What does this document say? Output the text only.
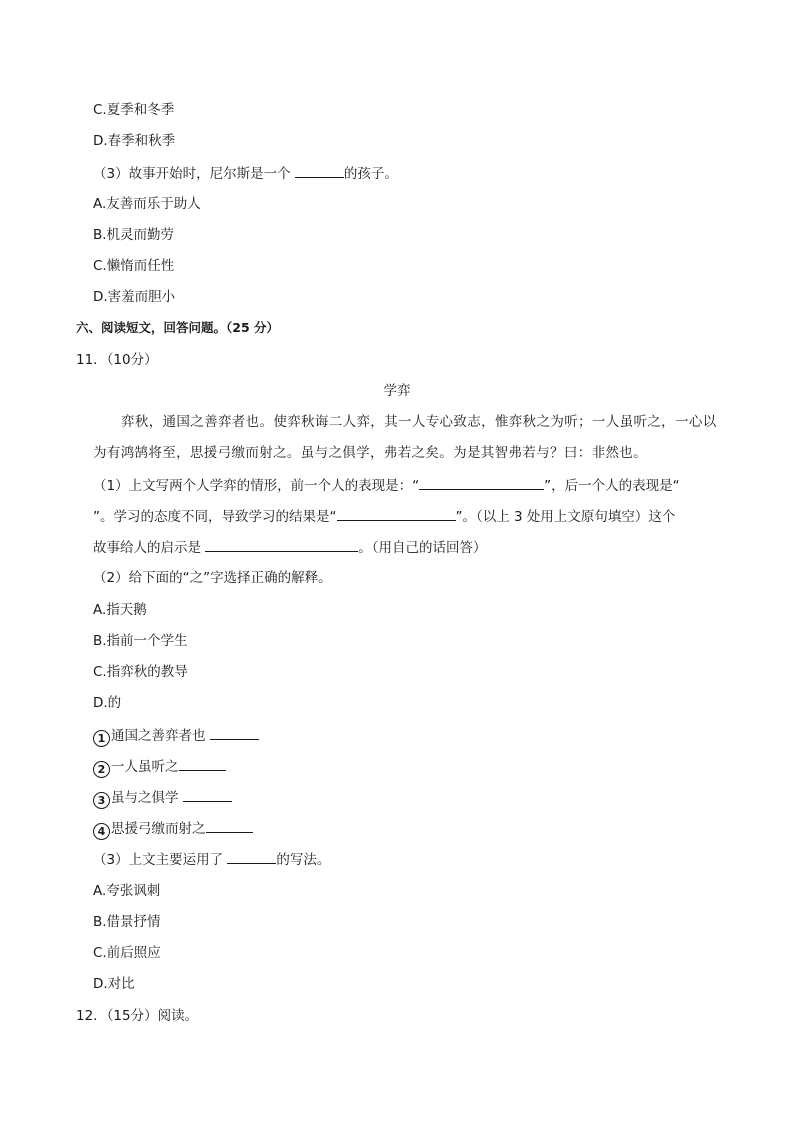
C.夏季和冬季
D.春季和秋季
（3）故事开始时，尼尔斯是一个	的孩子。
A.友善而乐于助人
B.机灵而勤劳
C.懒惰而任性
D.害羞而胆小
六、阅读短文，回答问题。（25 分）
11．（10分）
学弈
弈秋，通国之善弈者也。使弈秋诲二人弈，其一人专心致志，惟弈秋之为听；一人虽听之，一心以
为有鸿鹄将至，思援弓缴而射之。虽与之俱学，弗若之矣。为是其智弗若与？曰：非然也。
（1）上文写两个人学弈的情形，前一个人的表现是：“	”，后一个人的表现是“
”。学习的态度不同，导致学习的结果是“	”。（以上 3 处用上文原句填空）这个
故事给人的启示是	。（用自己的话回答）
（2）给下面的“之”字选择正确的解释。
A.指天鹅
B.指前一个学生
C.指弈秋的教导
D.的
1 通国之善弈者也
2 一人虽听之
3 虽与之俱学
4 思援弓缴而射之
（3）上文主要运用了	的写法。
A.夸张讽刺
B.借景抒情
C.前后照应
D.对比
12．（15分）阅读。
